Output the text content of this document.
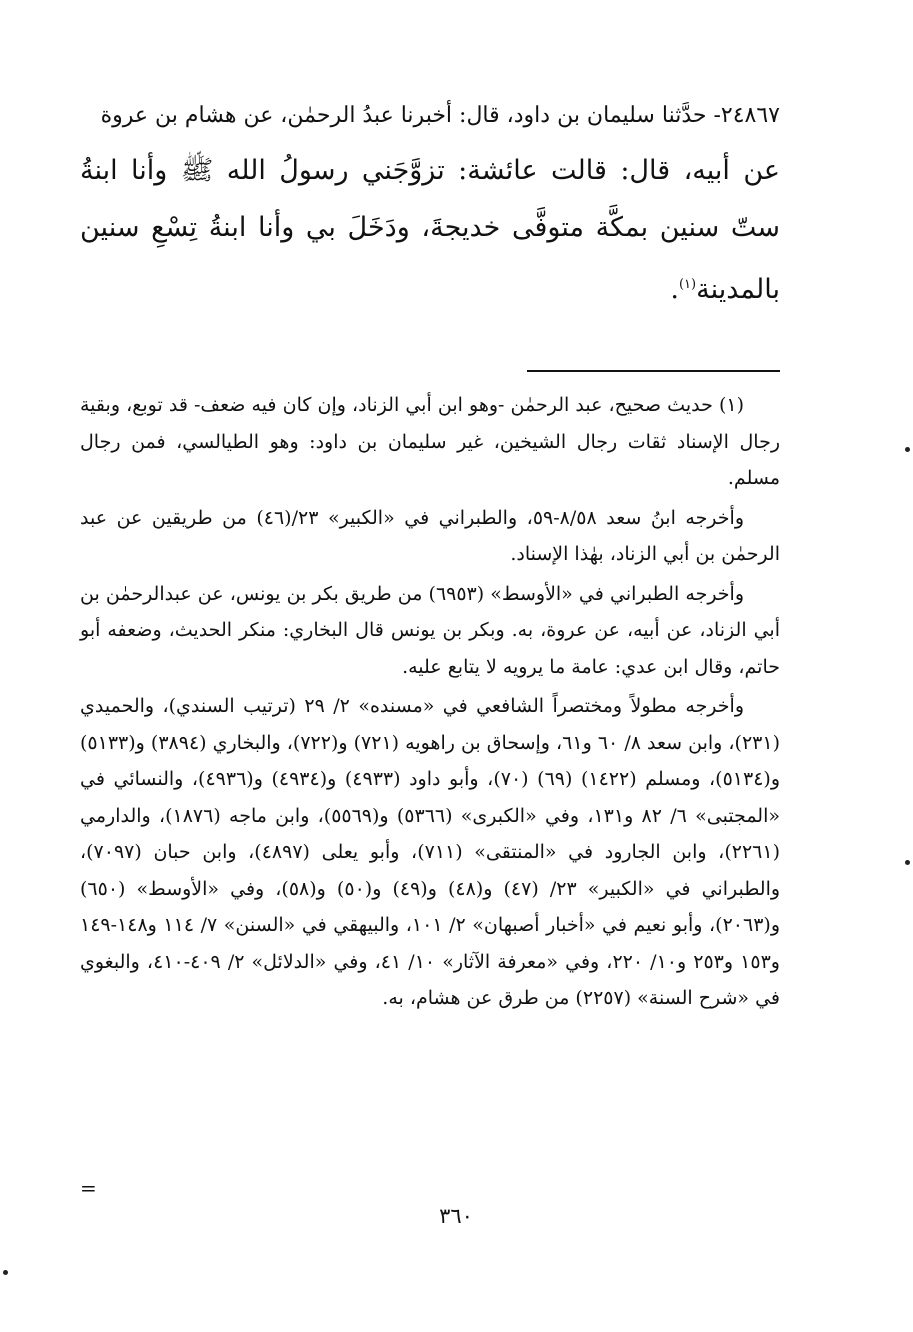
٢٤٨٦٧- حدَّثنا سليمان بن داود، قال: أخبرنا عبدُ الرحمٰن، عن هشام بن عروة

عن أبيه، قال: قالت عائشة: تزوَّجَني رسولُ الله ﷺ وأنا ابنةُ ستّ سنين بمكَّة متوفَّى خديجةَ، ودَخَلَ بي وأنا ابنةُ تِسْعِ سنين بالمدينة$^{(١)}$.

(١) حديث صحيح، عبد الرحمٰن -وهو ابن أبي الزناد، وإن كان فيه ضعف- قد توبع، وبقية رجال الإسناد ثقات رجال الشيخين، غير سليمان بن داود: وهو الطيالسي، فمن رجال مسلم.

وأخرجه ابنُ سعد ٨/٥٨-٥٩، والطبراني في «الكبير» ٢٣/(٤٦) من طريقين عن عبد الرحمٰن بن أبي الزناد، بهٰذا الإسناد.

وأخرجه الطبراني في «الأوسط» (٦٩٥٣) من طريق بكر بن يونس، عن عبدالرحمٰن بن أبي الزناد، عن أبيه، عن عروة، به. وبكر بن يونس قال البخاري: منكر الحديث، وضعفه أبو حاتم، وقال ابن عدي: عامة ما يرويه لا يتابع عليه.

وأخرجه مطولاً ومختصراً الشافعي في «مسنده» ٢/ ٢٩ (ترتيب السندي)، والحميدي (٢٣١)، وابن سعد ٨/ ٦٠ و٦١، وإسحاق بن راهويه (٧٢١) و(٧٢٢)، والبخاري (٣٨٩٤) و(٥١٣٣) و(٥١٣٤)، ومسلم (١٤٢٢) (٦٩) (٧٠)، وأبو داود (٤٩٣٣) و(٤٩٣٤) و(٤٩٣٦)، والنسائي في «المجتبى» ٦/ ٨٢ و١٣١، وفي «الكبرى» (٥٣٦٦) و(٥٥٦٩)، وابن ماجه (١٨٧٦)، والدارمي (٢٢٦١)، وابن الجارود في «المنتقى» (٧١١)، وأبو يعلى (٤٨٩٧)، وابن حبان (٧٠٩٧)، والطبراني في «الكبير» ٢٣/ (٤٧) و(٤٨) و(٤٩) و(٥٠) و(٥٨)، وفي «الأوسط» (٦٥٠) و(٢٠٦٣)، وأبو نعيم في «أخبار أصبهان» ٢/ ١٠١، والبيهقي في «السنن» ٧/ ١١٤ و١٤٨-١٤٩ و١٥٣ و٢٥٣ و١٠/ ٢٢٠، وفي «معرفة الآثار» ١٠/ ٤١، وفي «الدلائل» ٢/ ٤٠٩-٤١٠، والبغوي في «شرح السنة» (٢٢٥٧) من طرق عن هشام، به.

=
٣٦٠
